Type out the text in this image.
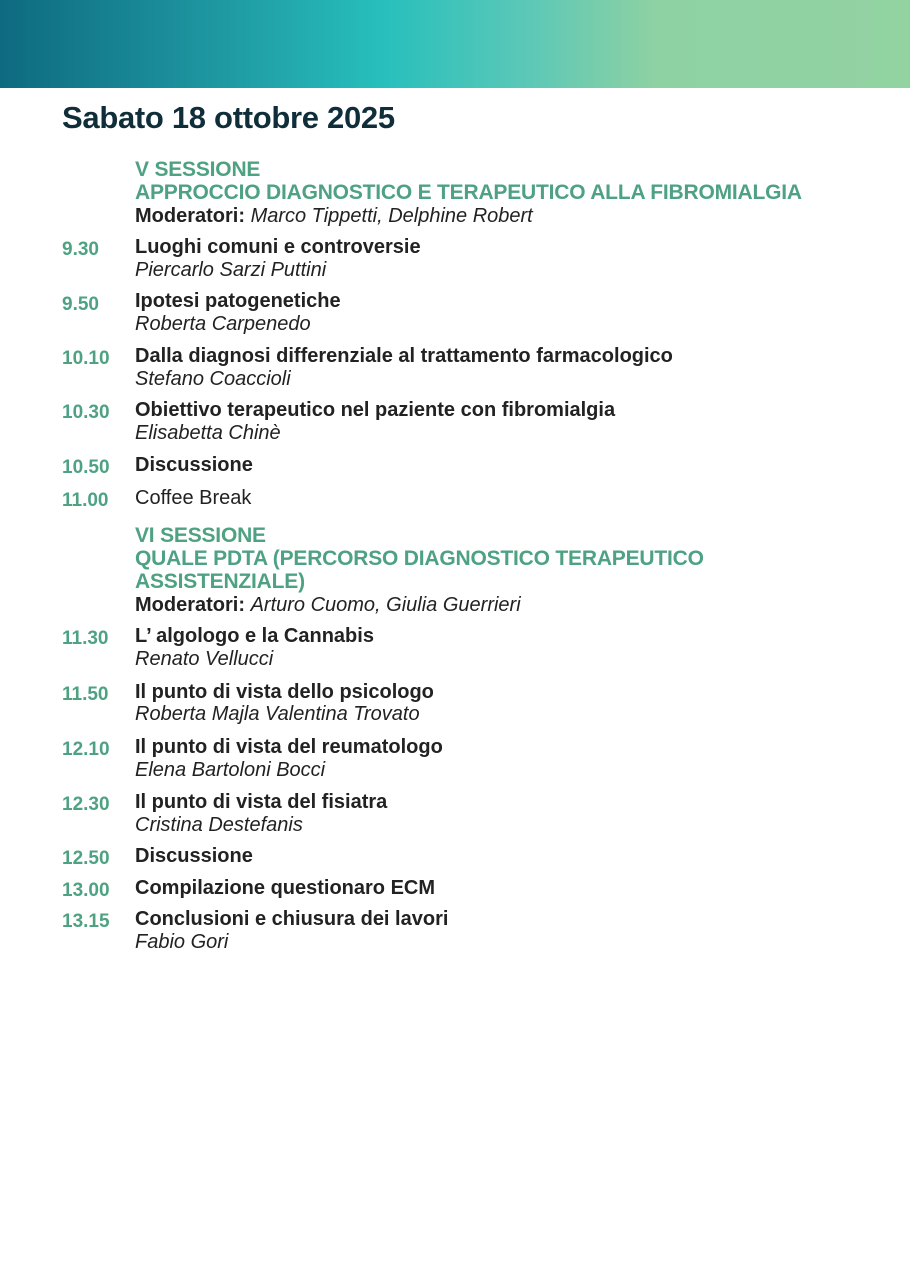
Sabato 18 ottobre 2025
V SESSIONE
APPROCCIO DIAGNOSTICO E TERAPEUTICO ALLA FIBROMIALGIA
Moderatori: Marco Tippetti, Delphine Robert
9.30 Luoghi comuni e controversie
Piercarlo Sarzi Puttini
9.50 Ipotesi patogenetiche
Roberta Carpenedo
10.10 Dalla diagnosi differenziale al trattamento farmacologico
Stefano Coaccioli
10.30 Obiettivo terapeutico nel paziente con fibromialgia
Elisabetta Chinè
10.50 Discussione
11.00 Coffee Break
VI SESSIONE
QUALE PDTA (PERCORSO DIAGNOSTICO TERAPEUTICO
ASSISTENZIALE)
Moderatori: Arturo Cuomo, Giulia Guerrieri
11.30 L’ algologo e la Cannabis
Renato Vellucci
11.50 Il punto di vista dello psicologo
Roberta Majla Valentina Trovato
12.10 Il punto di vista del reumatologo
Elena Bartoloni Bocci
12.30 Il punto di vista del fisiatra
Cristina Destefanis
12.50 Discussione
13.00 Compilazione questionaro ECM
13.15 Conclusioni e chiusura dei lavori
Fabio Gori
